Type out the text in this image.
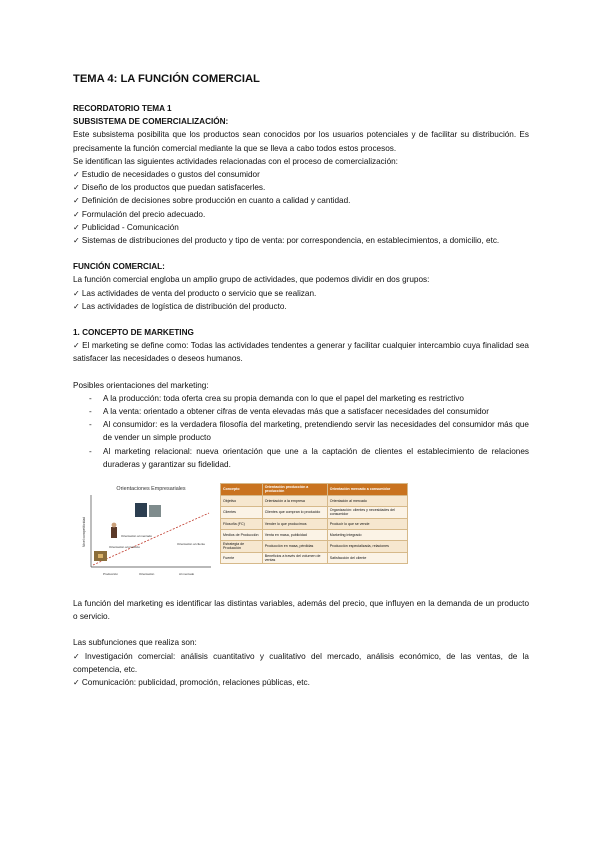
TEMA 4: LA FUNCIÓN COMERCIAL
RECORDATORIO TEMA 1
SUBSISTEMA DE COMERCIALIZACIÓN:
Este subsistema posibilita que los productos sean conocidos por los usuarios potenciales y de facilitar su distribución. Es precisamente la función comercial mediante la que se lleva a cabo todos estos procesos.
Se identifican las siguientes actividades relacionadas con el proceso de comercialización:
✓ Estudio de necesidades o gustos del consumidor
✓ Diseño de los productos que puedan satisfacerles.
✓ Definición de decisiones sobre producción en cuanto a calidad y cantidad.
✓ Formulación del precio adecuado.
✓ Publicidad - Comunicación
✓ Sistemas de distribuciones del producto y tipo de venta: por correspondencia, en establecimientos, a domicilio, etc.
FUNCIÓN COMERCIAL:
La función comercial engloba un amplio grupo de actividades, que podemos dividir en dos grupos:
✓ Las actividades de venta del producto o servicio que se realizan.
✓ Las actividades de logística de distribución del producto.
1. CONCEPTO DE MARKETING
✓ El marketing se define como: Todas las actividades tendentes a generar y facilitar cualquier intercambio cuya finalidad sea satisfacer las necesidades o deseos humanos.
Posibles orientaciones del marketing:
- A la producción: toda oferta crea su propia demanda con lo que el papel del marketing es restrictivo
- A la venta: orientado a obtener cifras de venta elevadas más que a satisfacer necesidades del consumidor
- Al consumidor: es la verdadera filosofía del marketing, pretendiendo servir las necesidades del consumidor más que de vender un simple producto
- Al marketing relacional: nueva orientación que une a la captación de clientes el establecimiento de relaciones duraderas y garantizar su fidelidad.
Orientaciones Empresariales
Nivel competitividad	Orientación al producto
Orientación al mercado
Orientación al cliente
Producción	Orientación	Al mercado
Concepto	Orientación producción a producción	Orientación mercado a consumidor
Objetivo	Orientación a la empresa	Orientación al mercado
Clientes	Clientes que compran lo producido	Organización: clientes y necesidades del consumidor
Filosofía (FC)	Vender lo que producimos	Producir lo que se vende
Medios de Producción	Venta en masa, publicidad	Marketing integrado
Estrategia de Producción	Producción en masa, pérdidas	Producción especializada, relaciones
Fuente	Beneficios a través del volumen de ventas	Satisfacción del cliente
La función del marketing es identificar las distintas variables, además del precio, que influyen en la demanda de un producto o servicio.
Las subfunciones que realiza son:
✓ Investigación comercial: análisis cuantitativo y cualitativo del mercado, análisis económico, de las ventas, de la competencia, etc.
✓ Comunicación: publicidad, promoción, relaciones públicas, etc.
